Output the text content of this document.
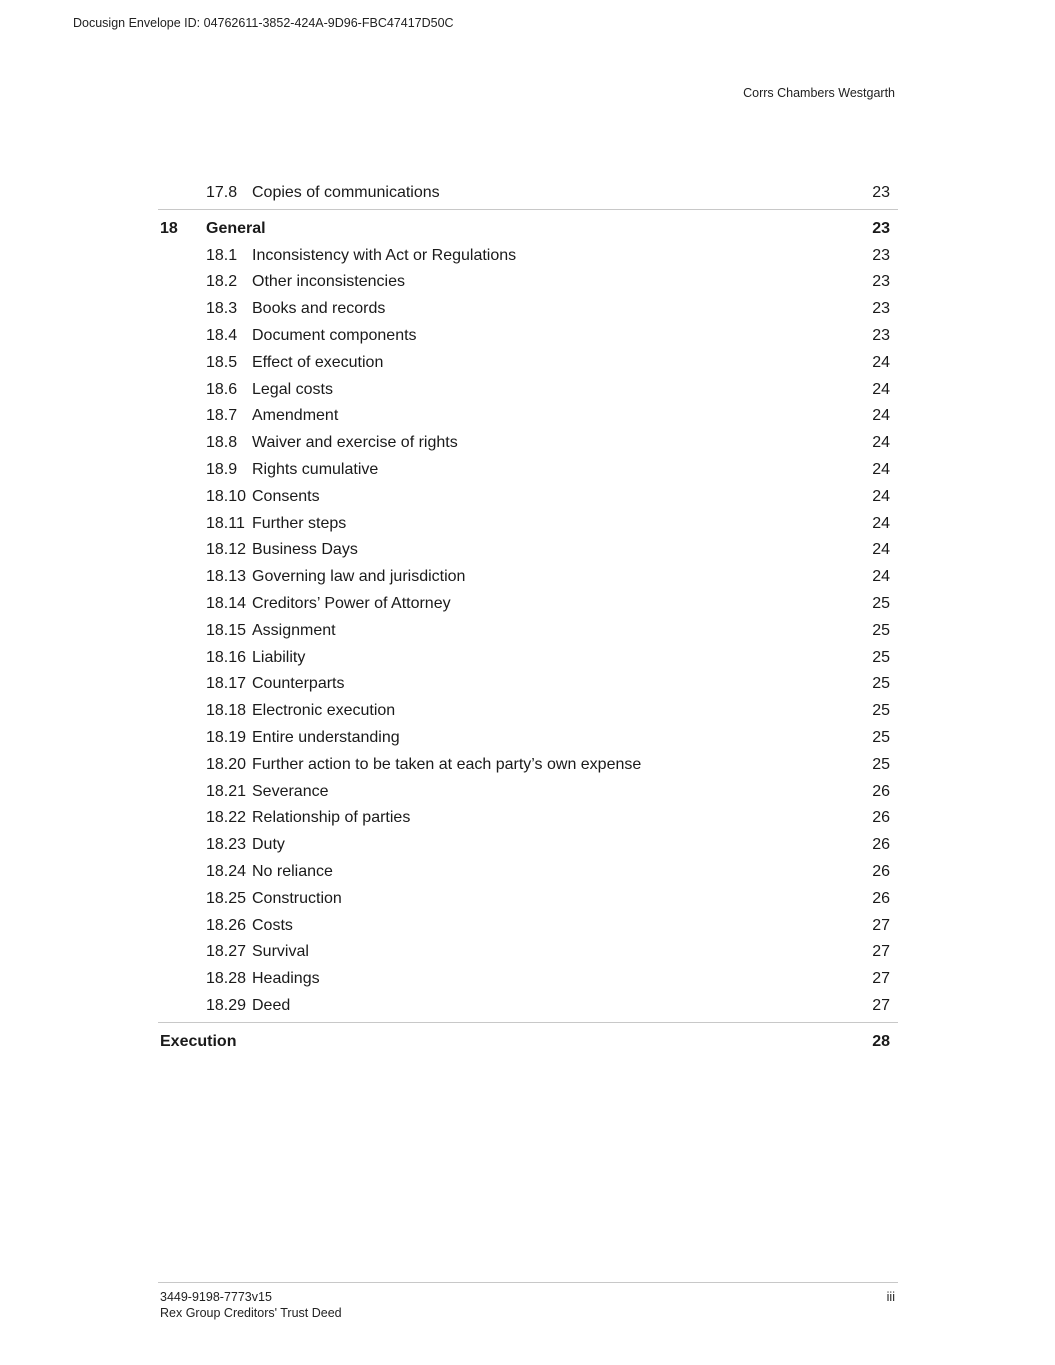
Docusign Envelope ID: 04762611-3852-424A-9D96-FBC47417D50C
Corrs Chambers Westgarth
17.8 Copies of communications	23
18 General	23
18.1 Inconsistency with Act or Regulations	23
18.2 Other inconsistencies	23
18.3 Books and records	23
18.4 Document components	23
18.5 Effect of execution	24
18.6 Legal costs	24
18.7 Amendment	24
18.8 Waiver and exercise of rights	24
18.9 Rights cumulative	24
18.10 Consents	24
18.11 Further steps	24
18.12 Business Days	24
18.13 Governing law and jurisdiction	24
18.14 Creditors’ Power of Attorney	25
18.15 Assignment	25
18.16 Liability	25
18.17 Counterparts	25
18.18 Electronic execution	25
18.19 Entire understanding	25
18.20 Further action to be taken at each party’s own expense	25
18.21 Severance	26
18.22 Relationship of parties	26
18.23 Duty	26
18.24 No reliance	26
18.25 Construction	26
18.26 Costs	27
18.27 Survival	27
18.28 Headings	27
18.29 Deed	27
Execution	28
3449-9198-7773v15
Rex Group Creditors' Trust Deed
iii
